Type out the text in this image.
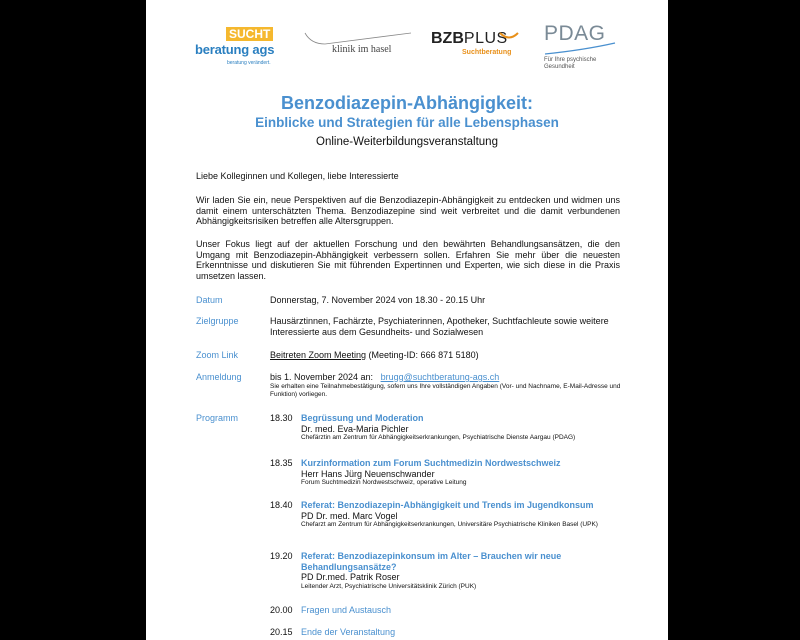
SUCHT
beratung ags
beratung verändert.
klinik im hasel
BZBPLUS
Suchtberatung
PDAG
Für Ihre psychische Gesundheit
Benzodiazepin-Abhängigkeit:
Einblicke und Strategien für alle Lebensphasen
Online-Weiterbildungsveranstaltung

Liebe Kolleginnen und Kollegen, liebe Interessierte

Wir laden Sie ein, neue Perspektiven auf die Benzodiazepin-Abhängigkeit zu entdecken und widmen uns damit einem unterschätzten Thema. Benzodiazepine sind weit verbreitet und die damit verbundenen Abhängigkeitsrisiken betreffen alle Altersgruppen.

Unser Fokus liegt auf der aktuellen Forschung und den bewährten Behandlungsansätzen, die den Umgang mit Benzodiazepin-Abhängigkeit verbessern sollen. Erfahren Sie mehr über die neuesten Erkenntnisse und diskutieren Sie mit führenden Expertinnen und Experten, wie sich diese in die Praxis umsetzen lassen.

Datum	Donnerstag, 7. November 2024 von 18.30 - 20.15 Uhr
Zielgruppe	Hausärztinnen, Fachärzte, Psychiaterinnen, Apotheker, Suchtfachleute sowie weitere Interessierte aus dem Gesundheits- und Sozialwesen
Zoom Link	Beitreten Zoom Meeting (Meeting-ID: 666 871 5180)
Anmeldung	bis 1. November 2024 an: brugg@suchtberatung-ags.ch
Sie erhalten eine Teilnahmebestätigung, sofern uns Ihre vollständigen Angaben (Vor- und Nachname, E-Mail-Adresse und Funktion) vorliegen.
Programm	18.30 Begrüssung und Moderation
Dr. med. Eva-Maria Pichler
Chefärztin am Zentrum für Abhängigkeitserkrankungen, Psychiatrische Dienste Aargau (PDAG)
18.35 Kurzinformation zum Forum Suchtmedizin Nordwestschweiz
Herr Hans Jürg Neuenschwander
Forum Suchtmedizin Nordwestschweiz, operative Leitung
18.40 Referat: Benzodiazepin-Abhängigkeit und Trends im Jugendkonsum
PD Dr. med. Marc Vogel
Chefarzt am Zentrum für Abhängigkeitserkrankungen, Universitäre Psychiatrische Kliniken Basel (UPK)
19.20 Referat: Benzodiazepinkonsum im Alter – Brauchen wir neue Behandlungsansätze?
PD Dr.med. Patrik Roser
Leitender Arzt, Psychiatrische Universitätsklinik Zürich (PUK)
20.00 Fragen und Austausch
20.15 Ende der Veranstaltung
